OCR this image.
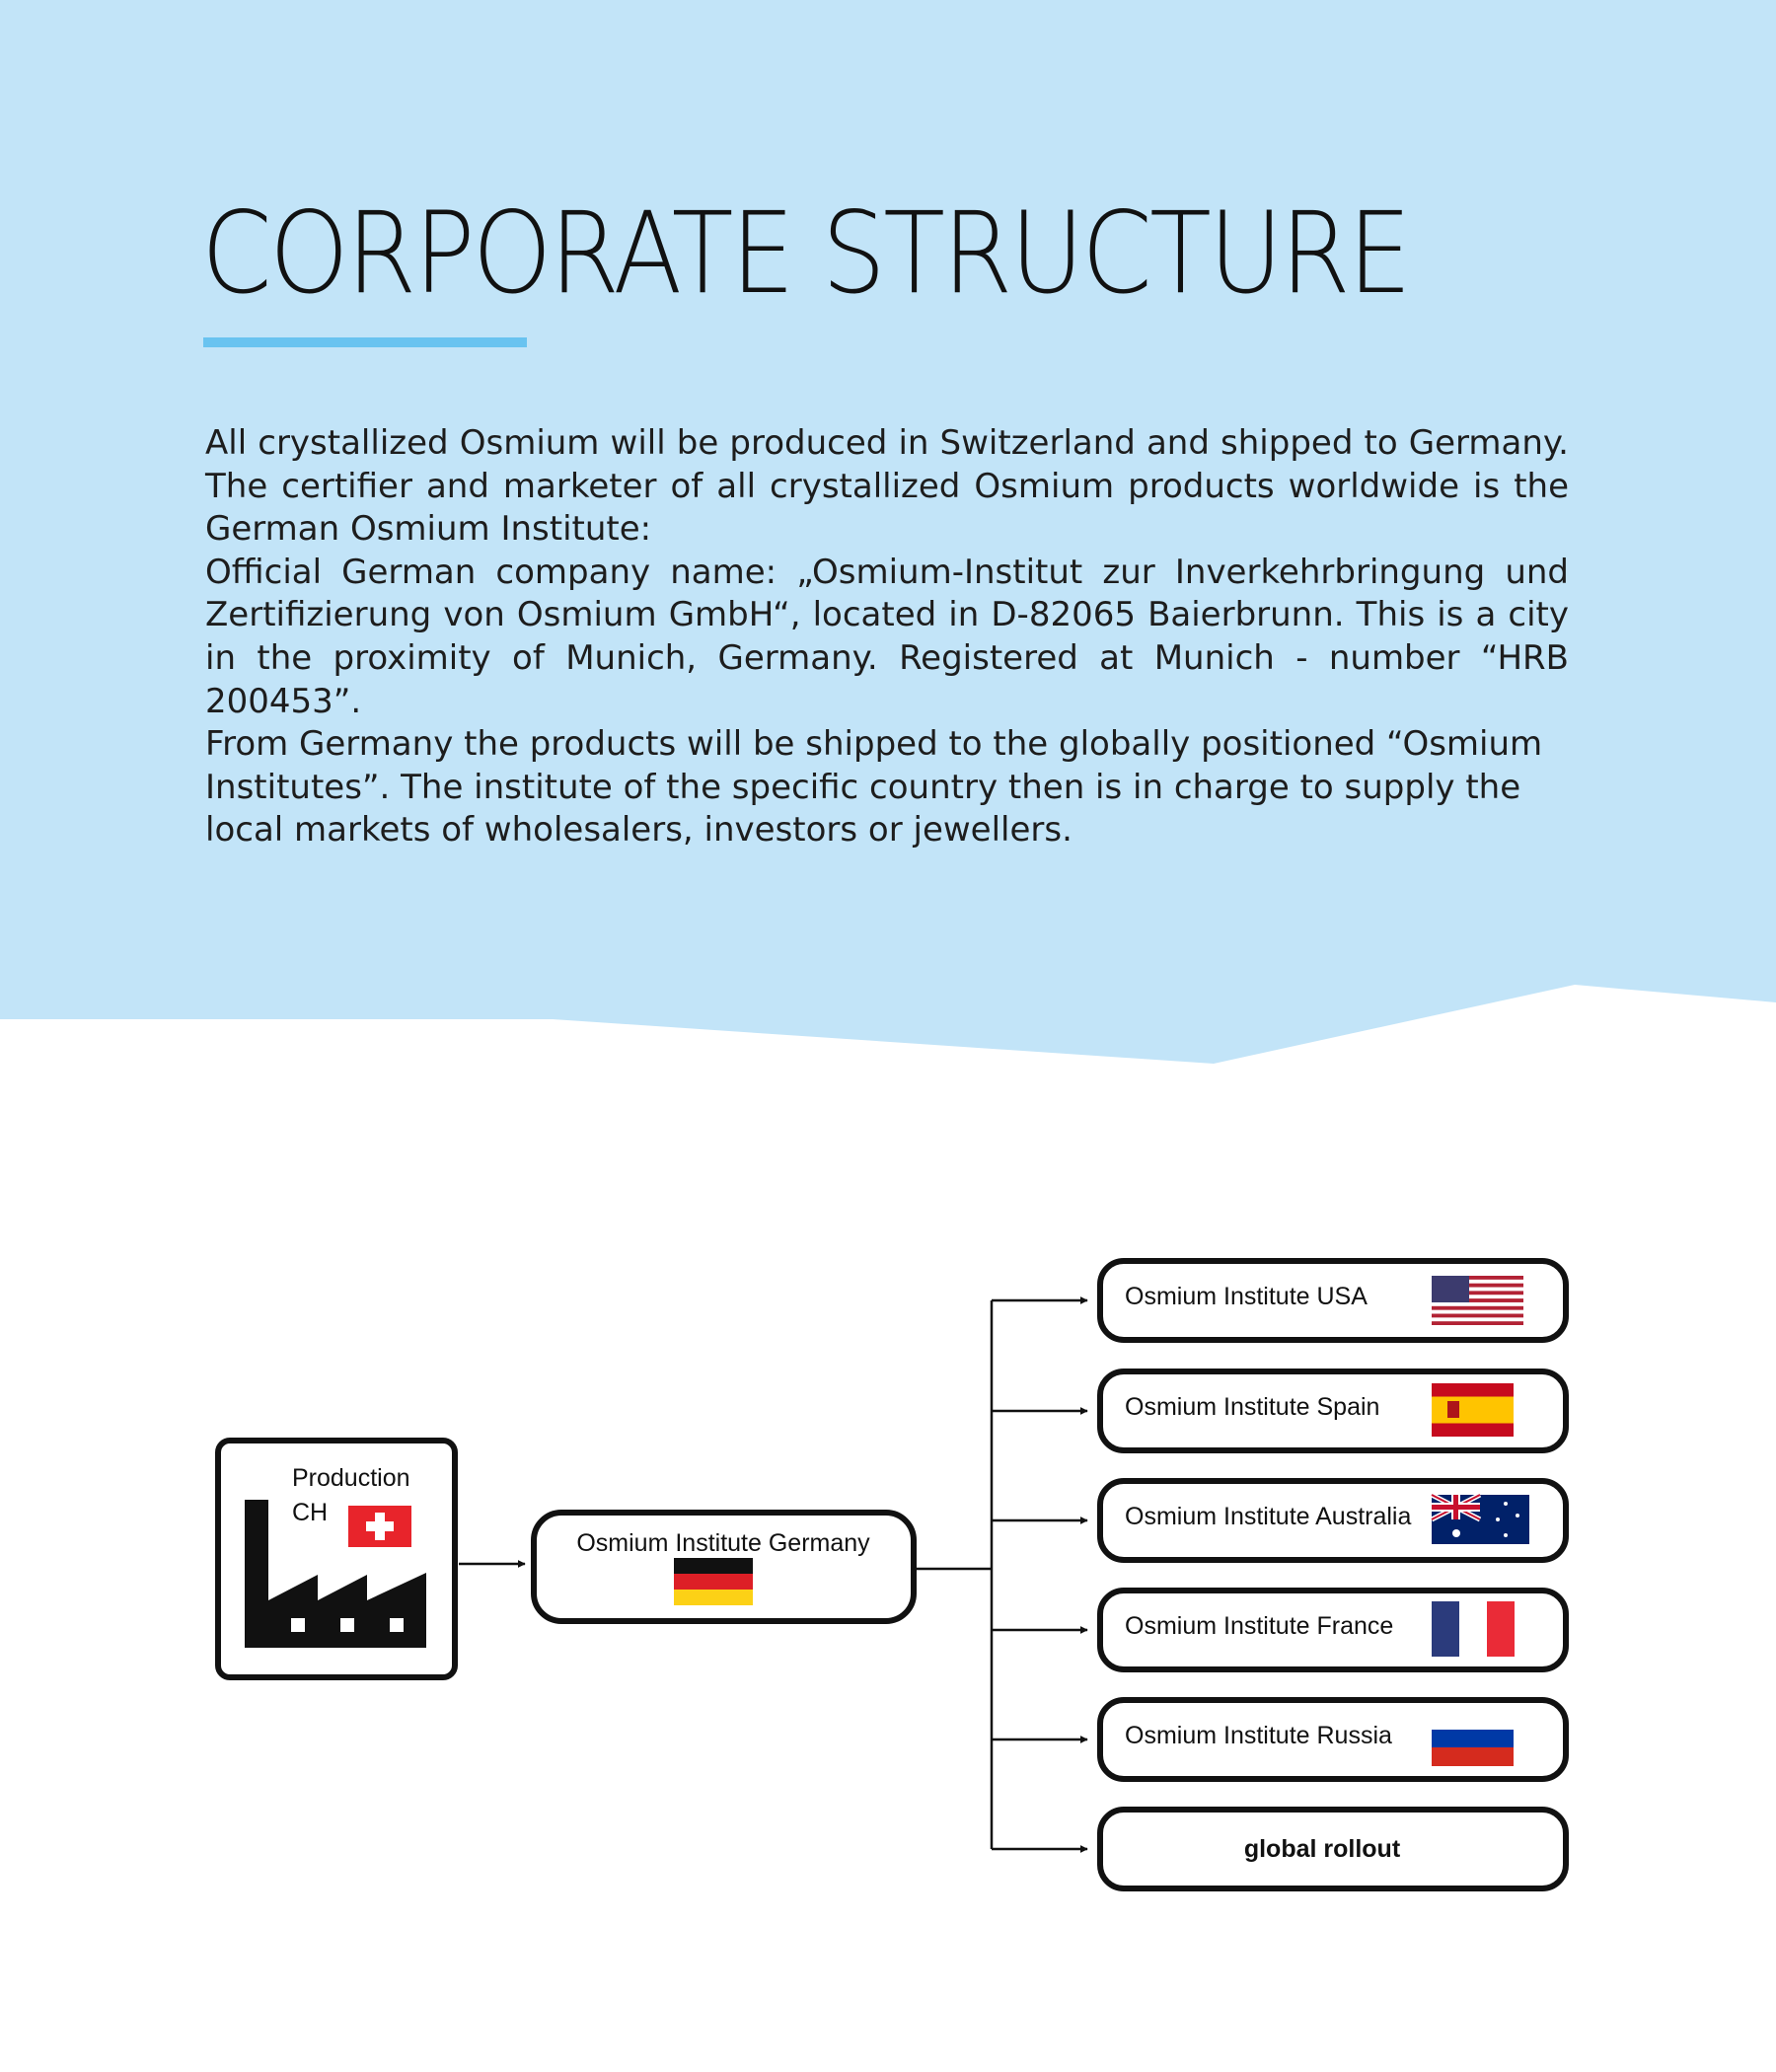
CORPORATE STRUCTURE

All crystallized Osmium will be produced in Switzerland and shipped to Germany. The certifier and marketer of all crystallized Osmium products worldwide is the German Osmium Institute:

Official German company name: „Osmium-Institut zur Inverkehrbringung und Zertifizierung von Osmium GmbH“, located in D-82065 Baierbrunn. This is a city in the proximity of Munich, Germany. Registered at Munich - number “HRB 200453”.

From Germany the products will be shipped to the globally positioned “Osmium Institutes”. The institute of the specific country then is in charge to supply the local markets of wholesalers, investors or jewellers.

Production
CH
Osmium Institute Germany
Osmium Institute USA
Osmium Institute Spain
Osmium Institute Australia
Osmium Institute France
Osmium Institute Russia
global rollout
